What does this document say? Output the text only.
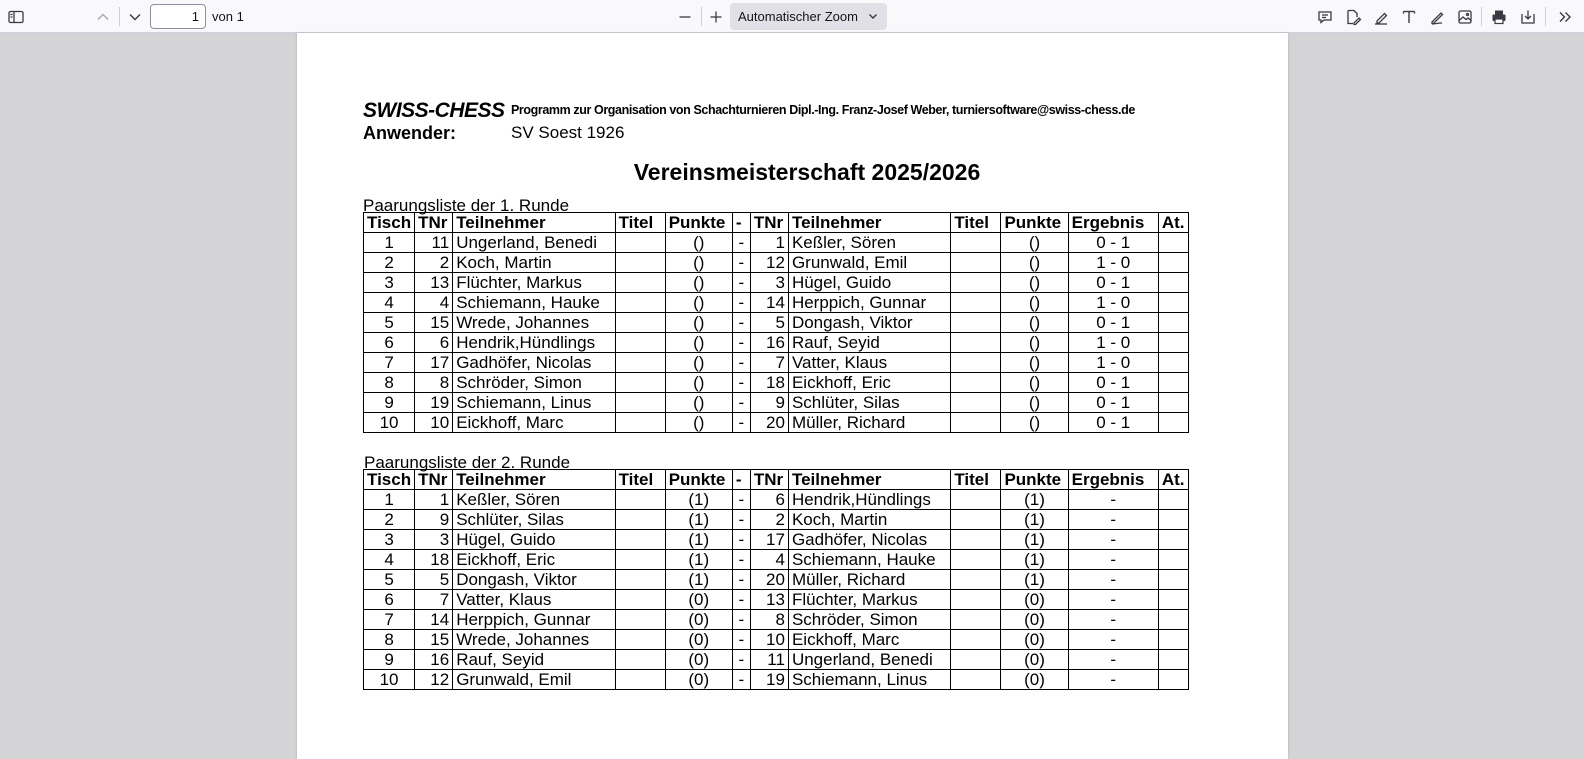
1
von 1	Automatischer Zoom
SWISS-CHESS Programm zur Organisation von Schachturnieren Dipl.-Ing. Franz-Josef Weber, turniersoftware@swiss-chess.de
Anwender:	SV Soest 1926
Vereinsmeisterschaft 2025/2026
Paarungsliste der 1. Runde
Tisch	TNr	Teilnehmer	Titel	Punkte	-	TNr	Teilnehmer	Titel	Punkte	Ergebnis	At.
1	11	Ungerland, Benedi		()	-	1	Keßler, Sören		()	0 - 1	
2	2	Koch, Martin		()	-	12	Grunwald, Emil		()	1 - 0	
3	13	Flüchter, Markus		()	-	3	Hügel, Guido		()	0 - 1	
4	4	Schiemann, Hauke		()	-	14	Herppich, Gunnar		()	1 - 0	
5	15	Wrede, Johannes		()	-	5	Dongash, Viktor		()	0 - 1	
6	6	Hendrik,Hündlings		()	-	16	Rauf, Seyid		()	1 - 0	
7	17	Gadhöfer, Nicolas		()	-	7	Vatter, Klaus		()	1 - 0	
8	8	Schröder, Simon		()	-	18	Eickhoff, Eric		()	0 - 1	
9	19	Schiemann, Linus		()	-	9	Schlüter, Silas		()	0 - 1	
10	10	Eickhoff, Marc		()	-	20	Müller, Richard		()	0 - 1	
Paarungsliste der 2. Runde
Tisch	TNr	Teilnehmer	Titel	Punkte	-	TNr	Teilnehmer	Titel	Punkte	Ergebnis	At.
1	1	Keßler, Sören		(1)	-	6	Hendrik,Hündlings		(1)	-	
2	9	Schlüter, Silas		(1)	-	2	Koch, Martin		(1)	-	
3	3	Hügel, Guido		(1)	-	17	Gadhöfer, Nicolas		(1)	-	
4	18	Eickhoff, Eric		(1)	-	4	Schiemann, Hauke		(1)	-	
5	5	Dongash, Viktor		(1)	-	20	Müller, Richard		(1)	-	
6	7	Vatter, Klaus		(0)	-	13	Flüchter, Markus		(0)	-	
7	14	Herppich, Gunnar		(0)	-	8	Schröder, Simon		(0)	-	
8	15	Wrede, Johannes		(0)	-	10	Eickhoff, Marc		(0)	-	
9	16	Rauf, Seyid		(0)	-	11	Ungerland, Benedi		(0)	-	
10	12	Grunwald, Emil		(0)	-	19	Schiemann, Linus		(0)	-	
